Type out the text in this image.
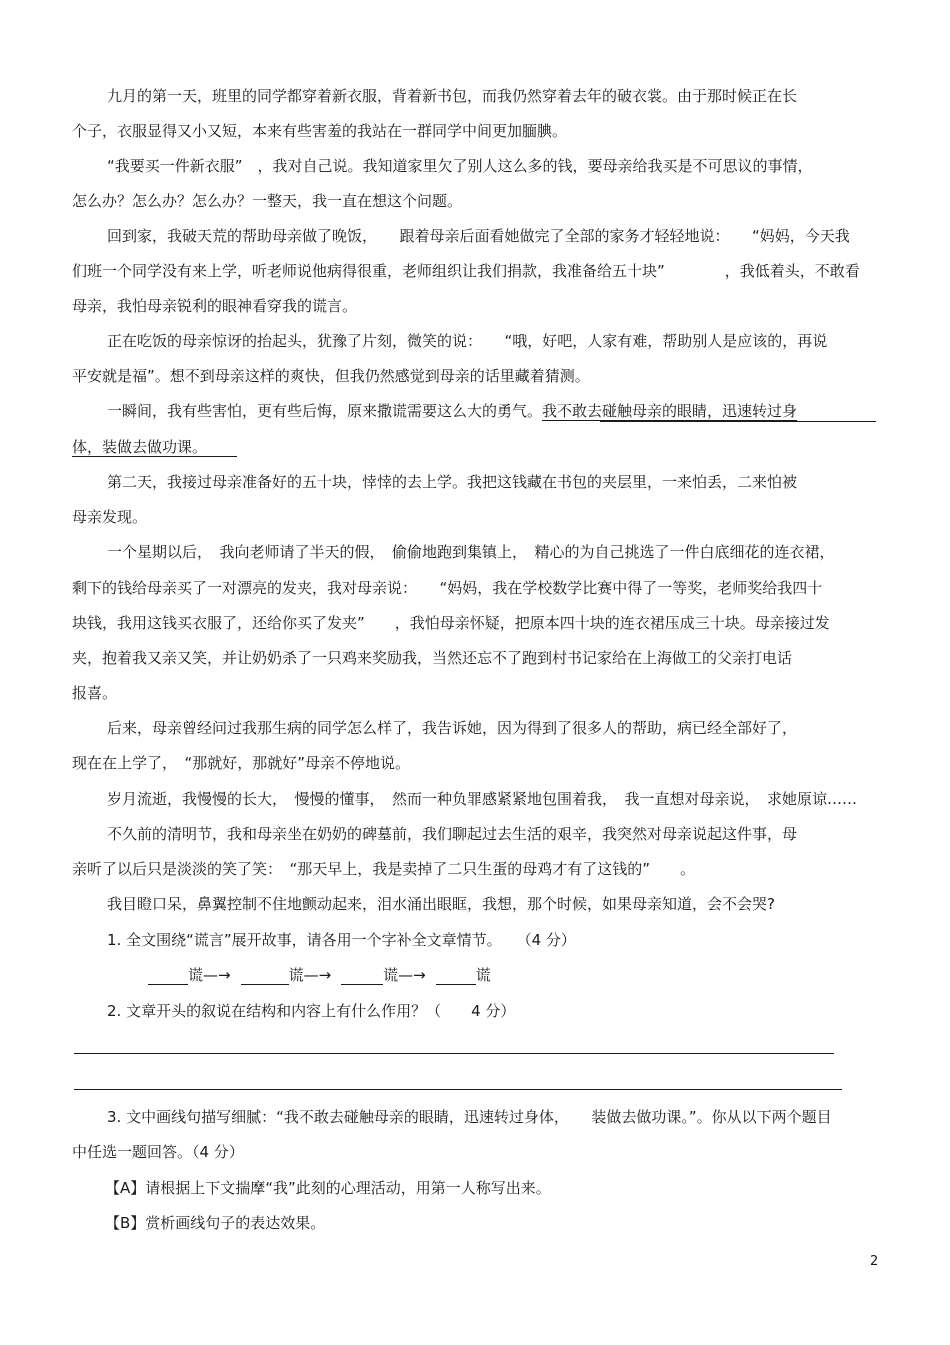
九月的第一天，班里的同学都穿着新衣服，背着新书包，而我仍然穿着去年的破衣裳。由于那时候正在长
个子，衣服显得又小又短，本来有些害羞的我站在一群同学中间更加腼腆。
“我要买一件新衣服”　，我对自己说。我知道家里欠了别人这么多的钱，要母亲给我买是不可思议的事情，
怎么办？怎么办？怎么办？一整天，我一直在想这个问题。
回到家，我破天荒的帮助母亲做了晚饭，　　跟着母亲后面看她做完了全部的家务才轻轻地说：　　“妈妈，今天我
们班一个同学没有来上学，听老师说他病得很重，老师组织让我们捐款，我准备给五十块”　　　　，我低着头，不敢看
母亲，我怕母亲锐利的眼神看穿我的谎言。
正在吃饭的母亲惊讶的抬起头，犹豫了片刻，微笑的说：　　“哦，好吧，人家有难，帮助别人是应该的，再说
平安就是福”。想不到母亲这样的爽快，但我仍然感觉到母亲的话里藏着猜测。
一瞬间，我有些害怕，更有些后悔，原来撒谎需要这么大的勇气。我不敢去碰触母亲的眼睛，迅速转过身
体，装做去做功课。
第二天，我接过母亲准备好的五十块，悻悻的去上学。我把这钱藏在书包的夹层里，一来怕丢，二来怕被
母亲发现。
一个星期以后，　我向老师请了半天的假，　偷偷地跑到集镇上，　精心的为自己挑选了一件白底细花的连衣裙，
剩下的钱给母亲买了一对漂亮的发夹，我对母亲说：　　“妈妈，我在学校数学比赛中得了一等奖，老师奖给我四十
块钱，我用这钱买衣服了，还给你买了发夹”　　，我怕母亲怀疑，把原本四十块的连衣裙压成三十块。母亲接过发
夹，抱着我又亲又笑，并让奶奶杀了一只鸡来奖励我，当然还忘不了跑到村书记家给在上海做工的父亲打电话
报喜。
后来，母亲曾经问过我那生病的同学怎么样了，我告诉她，因为得到了很多人的帮助，病已经全部好了，
现在在上学了，　“那就好，那就好”母亲不停地说。
岁月流逝，我慢慢的长大，　慢慢的懂事，　然而一种负罪感紧紧地包围着我，　我一直想对母亲说，　求她原谅……
不久前的清明节，我和母亲坐在奶奶的碑墓前，我们聊起过去生活的艰辛，我突然对母亲说起这件事，母
亲听了以后只是淡淡的笑了笑：　“那天早上，我是卖掉了二只生蛋的母鸡才有了这钱的”　　。
我目瞪口呆，鼻翼控制不住地颤动起来，泪水涌出眼眶，我想，那个时候，如果母亲知道，会不会哭?
1. 全文围绕“谎言”展开故事，请各用一个字补全文章情节。　　（4 分）
谎—→	谎—→	谎—→	谎
2. 文章开头的叙说在结构和内容上有什么作用？（　　4 分）
3. 文中画线句描写细腻：“我不敢去碰触母亲的眼睛，迅速转过身体，　　装做去做功课。”。你从以下两个题目
中任选一题回答。（4 分）
【A】请根据上下文揣摩“我”此刻的心理活动，用第一人称写出来。
【B】赏析画线句子的表达效果。
2
